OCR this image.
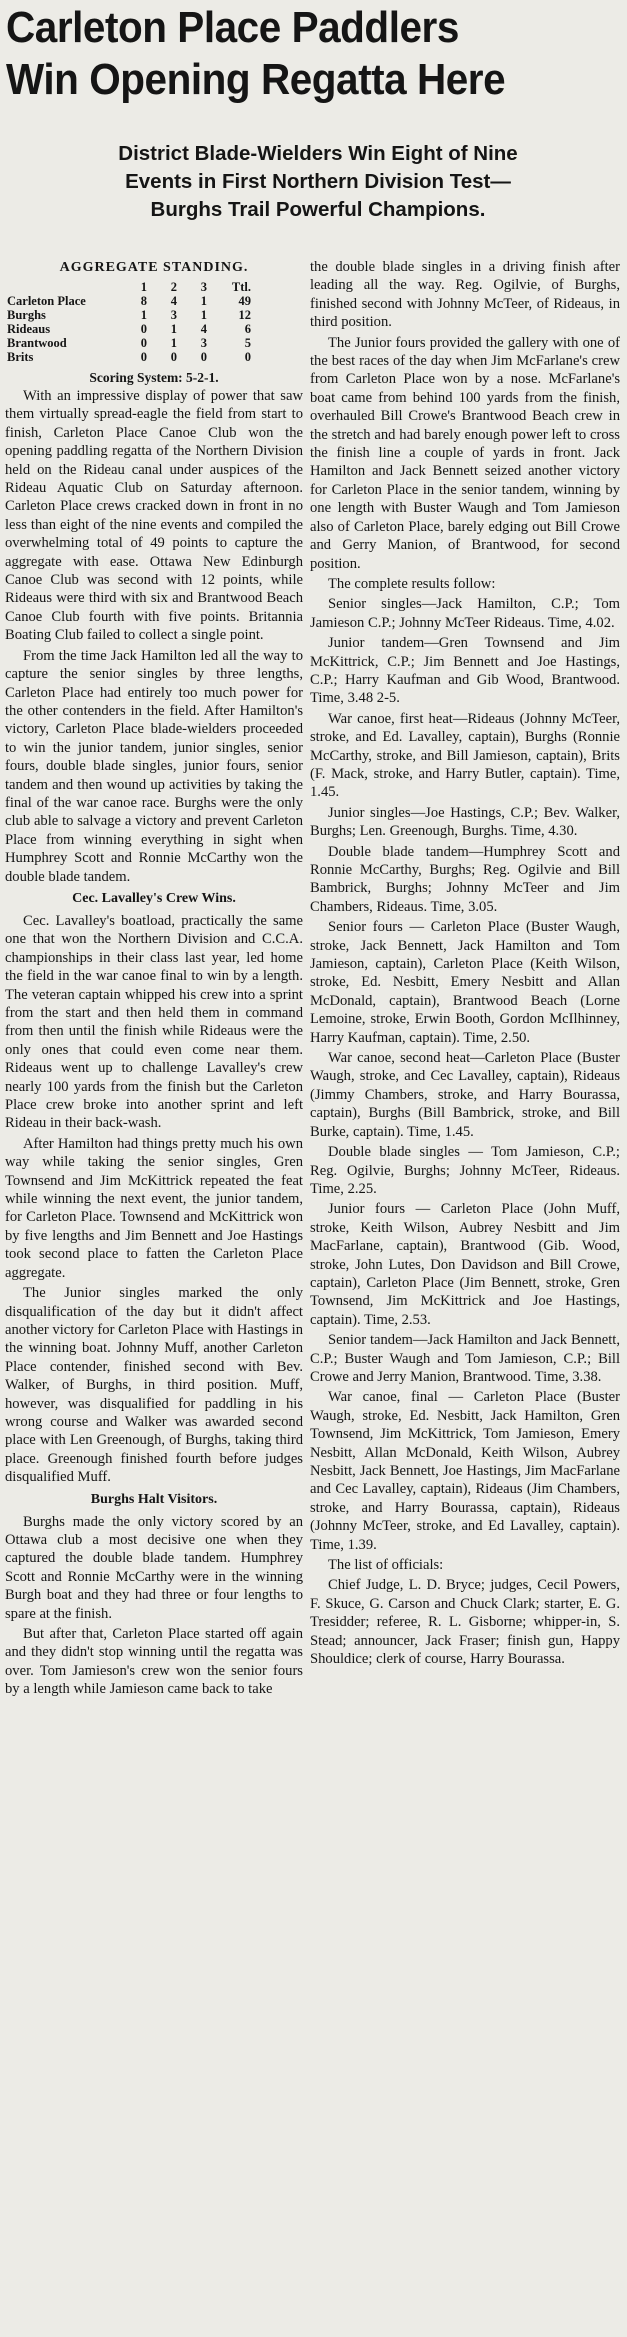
Carleton Place Paddlers
Win Opening Regatta Here
District Blade-Wielders Win Eight of Nine
Events in First Northern Division Test—
Burghs Trail Powerful Champions.
AGGREGATE STANDING.
	1	2	3	Ttl.
Carleton Place	8	4	1	49
Burghs	1	3	1	12
Rideaus	0	1	4	6
Brantwood	0	1	3	5
Brits	0	0	0	0
Scoring System: 5-2-1.

With an impressive display of power that saw them virtually spread-eagle the field from start to finish, Carleton Place Canoe Club won the opening paddling regatta of the Northern Division held on the Rideau canal under auspices of the Rideau Aquatic Club on Saturday afternoon. Carleton Place crews cracked down in front in no less than eight of the nine events and compiled the overwhelming total of 49 points to capture the aggregate with ease. Ottawa New Edinburgh Canoe Club was second with 12 points, while Rideaus were third with six and Brantwood Beach Canoe Club fourth with five points. Britannia Boating Club failed to collect a single point.

From the time Jack Hamilton led all the way to capture the senior singles by three lengths, Carleton Place had entirely too much power for the other contenders in the field. After Hamilton's victory, Carleton Place blade-wielders proceeded to win the junior tandem, junior singles, senior fours, double blade singles, junior fours, senior tandem and then wound up activities by taking the final of the war canoe race. Burghs were the only club able to salvage a victory and prevent Carleton Place from winning everything in sight when Humphrey Scott and Ronnie McCarthy won the double blade tandem.

Cec. Lavalley's Crew Wins.

Cec. Lavalley's boatload, practically the same one that won the Northern Division and C.C.A. championships in their class last year, led home the field in the war canoe final to win by a length. The veteran captain whipped his crew into a sprint from the start and then held them in command from then until the finish while Rideaus were the only ones that could even come near them. Rideaus went up to challenge Lavalley's crew nearly 100 yards from the finish but the Carleton Place crew broke into another sprint and left Rideau in their back-wash.

After Hamilton had things pretty much his own way while taking the senior singles, Gren Townsend and Jim McKittrick repeated the feat while winning the next event, the junior tandem, for Carleton Place. Townsend and McKittrick won by five lengths and Jim Bennett and Joe Hastings took second place to fatten the Carleton Place aggregate.

The Junior singles marked the only disqualification of the day but it didn't affect another victory for Carleton Place with Hastings in the winning boat. Johnny Muff, another Carleton Place contender, finished second with Bev. Walker, of Burghs, in third position. Muff, however, was disqualified for paddling in his wrong course and Walker was awarded second place with Len Greenough, of Burghs, taking third place. Greenough finished fourth before judges disqualified Muff.

Burghs Halt Visitors.

Burghs made the only victory scored by an Ottawa club a most decisive one when they captured the double blade tandem. Humphrey Scott and Ronnie McCarthy were in the winning Burgh boat and they had three or four lengths to spare at the finish.

But after that, Carleton Place started off again and they didn't stop winning until the regatta was over. Tom Jamieson's crew won the senior fours by a length while Jamieson came back to take

the double blade singles in a driving finish after leading all the way. Reg. Ogilvie, of Burghs, finished second with Johnny McTeer, of Rideaus, in third position.

The Junior fours provided the gallery with one of the best races of the day when Jim McFarlane's crew from Carleton Place won by a nose. McFarlane's boat came from behind 100 yards from the finish, overhauled Bill Crowe's Brantwood Beach crew in the stretch and had barely enough power left to cross the finish line a couple of yards in front. Jack Hamilton and Jack Bennett seized another victory for Carleton Place in the senior tandem, winning by one length with Buster Waugh and Tom Jamieson also of Carleton Place, barely edging out Bill Crowe and Gerry Manion, of Brantwood, for second position.

The complete results follow:

Senior singles—Jack Hamilton, C.P.; Tom Jamieson C.P.; Johnny McTeer Rideaus. Time, 4.02.

Junior tandem—Gren Townsend and Jim McKittrick, C.P.; Jim Bennett and Joe Hastings, C.P.; Harry Kaufman and Gib Wood, Brantwood. Time, 3.48 2-5.

War canoe, first heat—Rideaus (Johnny McTeer, stroke, and Ed. Lavalley, captain), Burghs (Ronnie McCarthy, stroke, and Bill Jamieson, captain), Brits (F. Mack, stroke, and Harry Butler, captain). Time, 1.45.

Junior singles—Joe Hastings, C.P.; Bev. Walker, Burghs; Len. Greenough, Burghs. Time, 4.30.

Double blade tandem—Humphrey Scott and Ronnie McCarthy, Burghs; Reg. Ogilvie and Bill Bambrick, Burghs; Johnny McTeer and Jim Chambers, Rideaus. Time, 3.05.

Senior fours — Carleton Place (Buster Waugh, stroke, Jack Bennett, Jack Hamilton and Tom Jamieson, captain), Carleton Place (Keith Wilson, stroke, Ed. Nesbitt, Emery Nesbitt and Allan McDonald, captain), Brantwood Beach (Lorne Lemoine, stroke, Erwin Booth, Gordon McIlhinney, Harry Kaufman, captain). Time, 2.50.

War canoe, second heat—Carleton Place (Buster Waugh, stroke, and Cec Lavalley, captain), Rideaus (Jimmy Chambers, stroke, and Harry Bourassa, captain), Burghs (Bill Bambrick, stroke, and Bill Burke, captain). Time, 1.45.

Double blade singles — Tom Jamieson, C.P.; Reg. Ogilvie, Burghs; Johnny McTeer, Rideaus. Time, 2.25.

Junior fours — Carleton Place (John Muff, stroke, Keith Wilson, Aubrey Nesbitt and Jim MacFarlane, captain), Brantwood (Gib. Wood, stroke, John Lutes, Don Davidson and Bill Crowe, captain), Carleton Place (Jim Bennett, stroke, Gren Townsend, Jim McKittrick and Joe Hastings, captain). Time, 2.53.

Senior tandem—Jack Hamilton and Jack Bennett, C.P.; Buster Waugh and Tom Jamieson, C.P.; Bill Crowe and Jerry Manion, Brantwood. Time, 3.38.

War canoe, final — Carleton Place (Buster Waugh, stroke, Ed. Nesbitt, Jack Hamilton, Gren Townsend, Jim McKittrick, Tom Jamieson, Emery Nesbitt, Allan McDonald, Keith Wilson, Aubrey Nesbitt, Jack Bennett, Joe Hastings, Jim MacFarlane and Cec Lavalley, captain), Rideaus (Jim Chambers, stroke, and Harry Bourassa, captain), Rideaus (Johnny McTeer, stroke, and Ed Lavalley, captain). Time, 1.39.

The list of officials:

Chief Judge, L. D. Bryce; judges, Cecil Powers, F. Skuce, G. Carson and Chuck Clark; starter, E. G. Tresidder; referee, R. L. Gisborne; whipper-in, S. Stead; announcer, Jack Fraser; finish gun, Happy Shouldice; clerk of course, Harry Bourassa.
